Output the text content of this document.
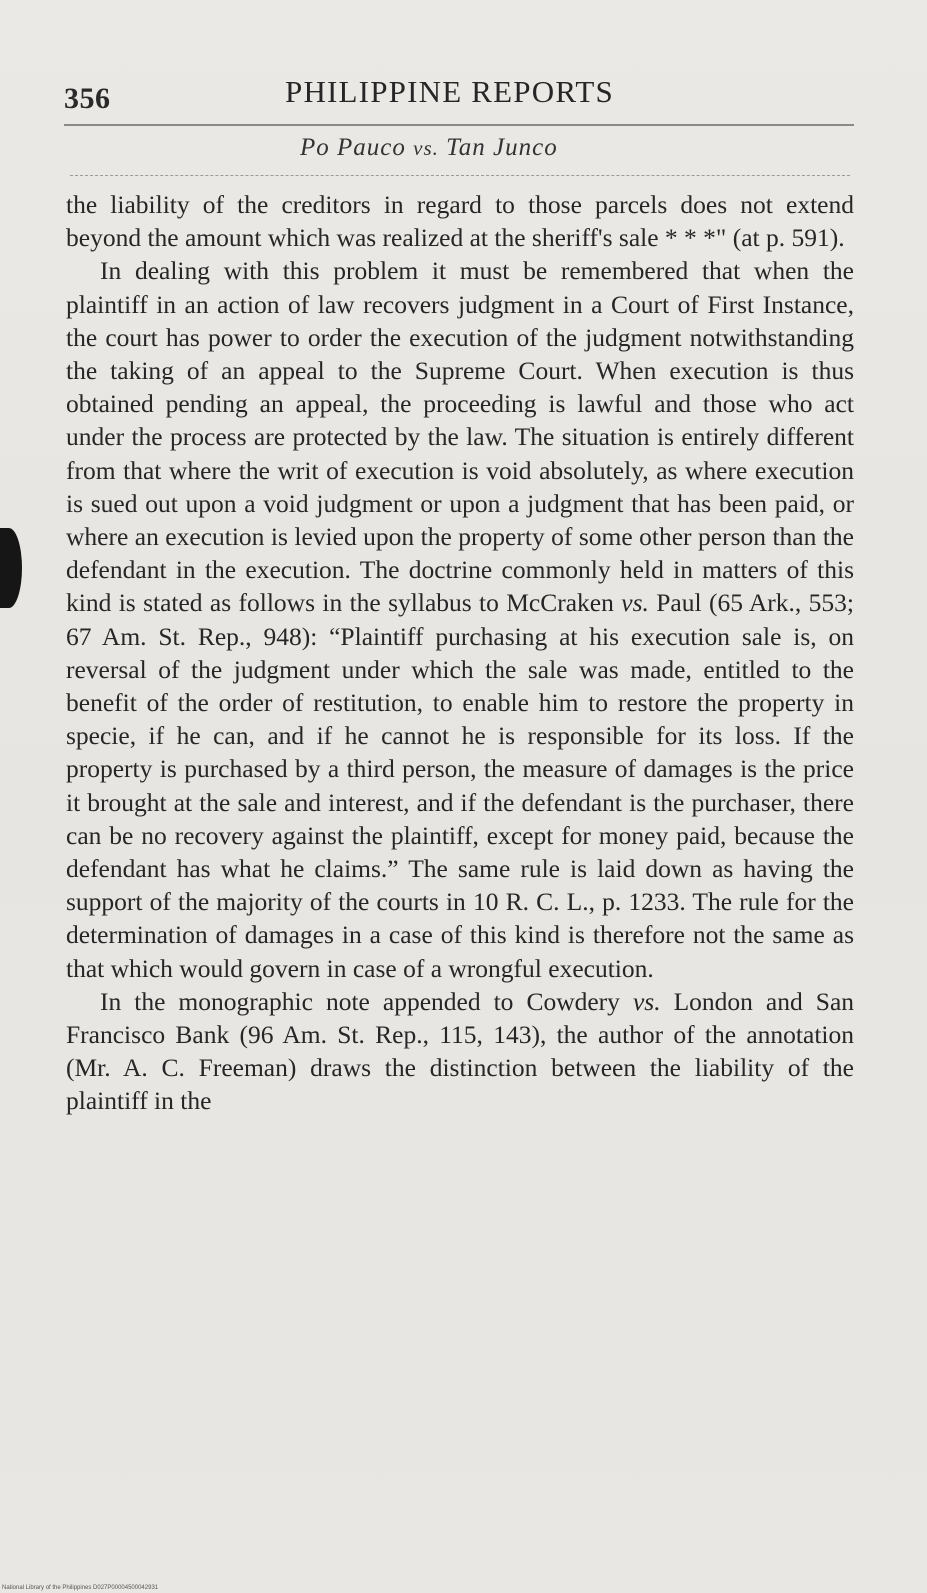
356	PHILIPPINE REPORTS
Po Pauco vs. Tan Junco

the liability of the creditors in regard to those parcels does not extend beyond the amount which was realized at the sheriff's sale * * *" (at p. 591).

In dealing with this problem it must be remembered that when the plaintiff in an action of law recovers judgment in a Court of First Instance, the court has power to order the execution of the judgment notwithstanding the taking of an appeal to the Supreme Court. When execution is thus obtained pending an appeal, the proceeding is lawful and those who act under the process are protected by the law. The situation is entirely different from that where the writ of execution is void absolutely, as where execution is sued out upon a void judgment or upon a judgment that has been paid, or where an execution is levied upon the property of some other person than the defendant in the execution. The doctrine commonly held in matters of this kind is stated as follows in the syllabus to McCraken vs. Paul (65 Ark., 553; 67 Am. St. Rep., 948): “Plaintiff purchasing at his execution sale is, on reversal of the judgment under which the sale was made, entitled to the benefit of the order of restitution, to enable him to restore the property in specie, if he can, and if he cannot he is responsible for its loss. If the property is purchased by a third person, the measure of damages is the price it brought at the sale and interest, and if the defendant is the purchaser, there can be no recovery against the plaintiff, except for money paid, because the defendant has what he claims.” The same rule is laid down as having the support of the majority of the courts in 10 R. C. L., p. 1233. The rule for the determination of damages in a case of this kind is therefore not the same as that which would govern in case of a wrongful execution.

In the monographic note appended to Cowdery vs. London and San Francisco Bank (96 Am. St. Rep., 115, 143), the author of the annotation (Mr. A. C. Freeman) draws the distinction between the liability of the plaintiff in the

National Library of the Philippines D027P00004500042931
